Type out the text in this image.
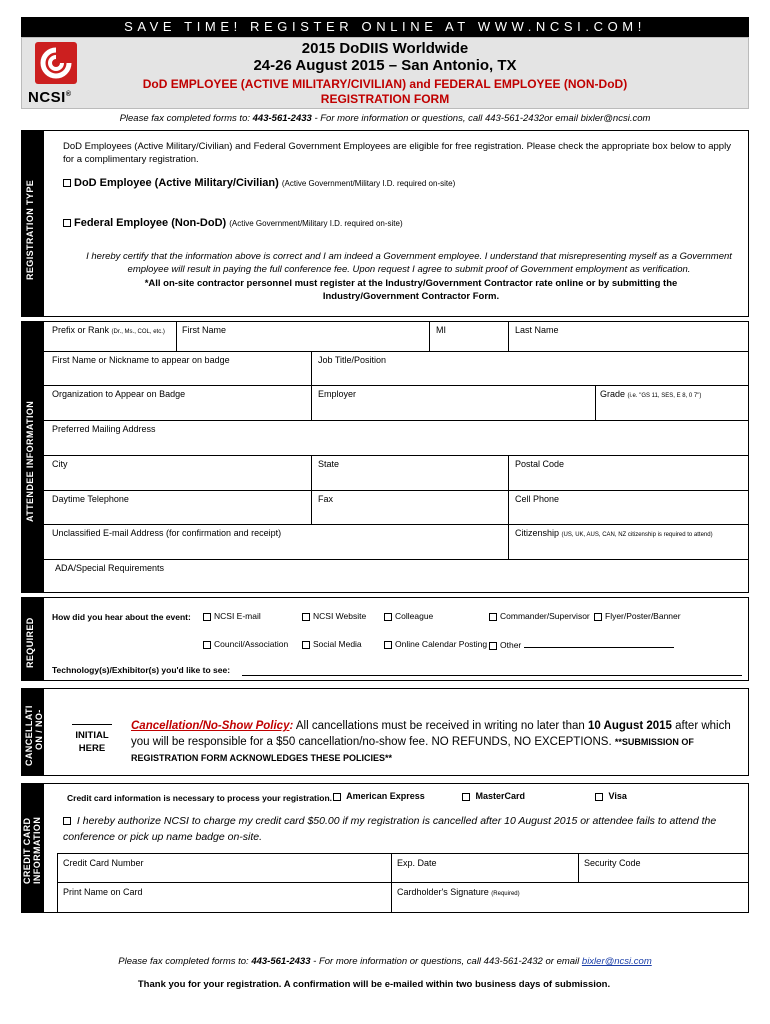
SAVE TIME! REGISTER ONLINE AT WWW.NCSI.COM!
NCSI®
2015 DoDIIS Worldwide
24-26 August 2015 – San Antonio, TX
DoD EMPLOYEE (ACTIVE MILITARY/CIVILIAN) and FEDERAL EMPLOYEE (NON-DoD)
REGISTRATION FORM
Please fax completed forms to: 443-561-2433 - For more information or questions, call 443-561-2432or email bixler@ncsi.com
REGISTRATION TYPE
DoD Employees (Active Military/Civilian) and Federal Government Employees are eligible for free registration. Please check the appropriate box below to apply for a complimentary registration.
DoD Employee (Active Military/Civilian) (Active Government/Military I.D. required on-site)
Federal Employee (Non-DoD) (Active Government/Military I.D. required on-site)
I hereby certify that the information above is correct and I am indeed a Government employee. I understand that misrepresenting myself as a Government employee will result in paying the full conference fee. Upon request I agree to submit proof of Government employment as verification.
*All on-site contractor personnel must register at the Industry/Government Contractor rate online or by submitting the Industry/Government Contractor Form.
ATTENDEE INFORMATION
Prefix or Rank (Dr., Ms., COL, etc.) First Name	MI	Last Name
First Name or Nickname to appear on badge	Job Title/Position
Organization to Appear on Badge	Employer	Grade (i.e. "GS 11, SES, E 8, 0 7")
Preferred Mailing Address
City	State	Postal Code
Daytime Telephone	Fax	Cell Phone
Unclassified E-mail Address (for confirmation and receipt)	Citizenship (US, UK, AUS, CAN, NZ citizenship is required to attend)
ADA/Special Requirements
REQUIRED
How did you hear about the event:	NCSI E-mail	NCSI Website	Colleague	Commander/Supervisor	Flyer/Poster/Banner
Council/Association	Social Media	Online Calendar Posting	Other
Technology(s)/Exhibitor(s) you'd like to see:
CANCELLATI ON / NO-	INITIAL
HERE
Cancellation/No-Show Policy: All cancellations must be received in writing no later than 10 August 2015 after which you will be responsible for a $50 cancellation/no-show fee. NO REFUNDS, NO EXCEPTIONS. **SUBMISSION OF REGISTRATION FORM ACKNOWLEDGES THESE POLICIES**
CREDIT CARD INFORMATION
Credit card information is necessary to process your registration.	American Express	MasterCard	Visa
I hereby authorize NCSI to charge my credit card $50.00 if my registration is cancelled after 10 August 2015 or attendee fails to attend the conference or pick up name badge on-site.
Credit Card Number	Exp. Date	Security Code
Print Name on Card	Cardholder's Signature (Required)
Please fax completed forms to: 443-561-2433 - For more information or questions, call 443-561-2432 or email bixler@ncsi.com
Thank you for your registration. A confirmation will be e-mailed within two business days of submission.
